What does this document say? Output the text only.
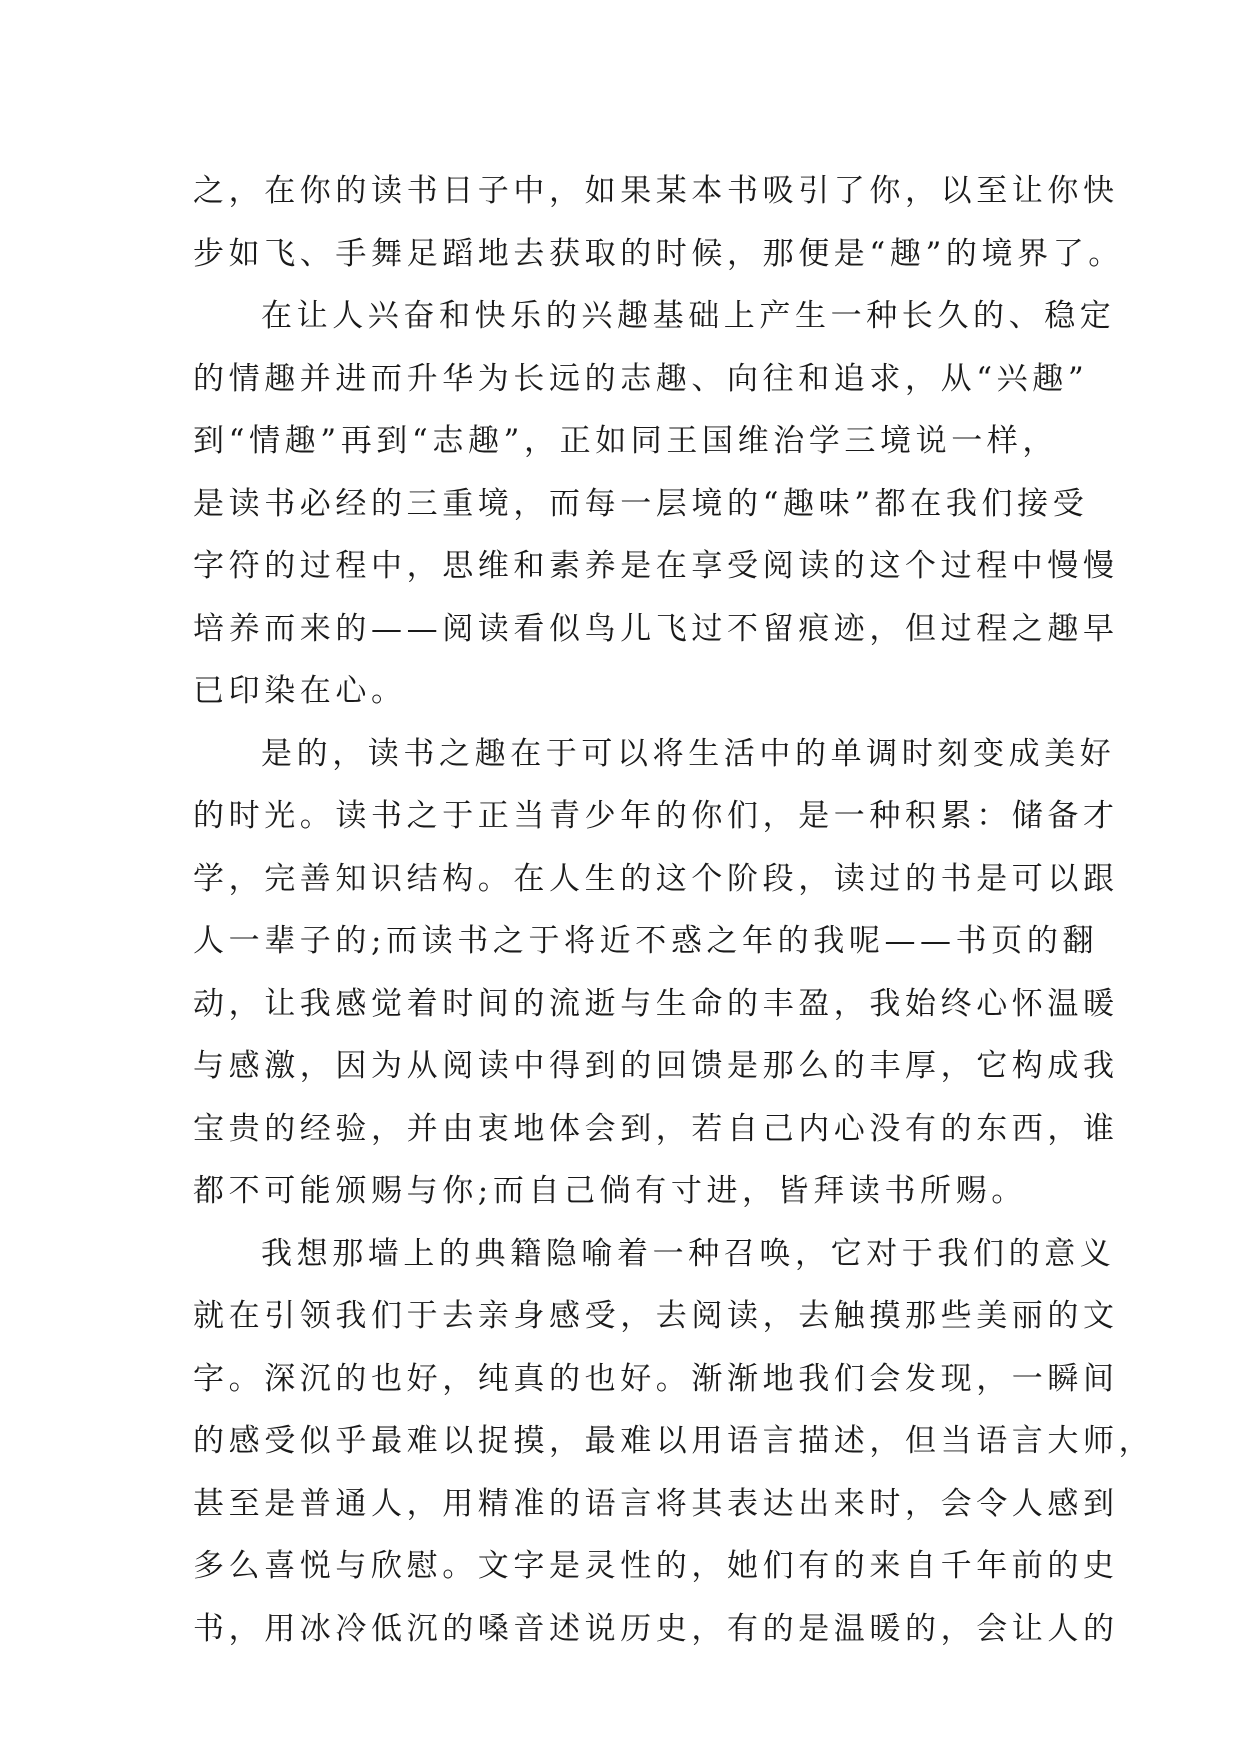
之，在你的读书日子中，如果某本书吸引了你，以至让你快
步如飞、手舞足蹈地去获取的时候，那便是“趣”的境界了。
在让人兴奋和快乐的兴趣基础上产生一种长久的、稳定
的情趣并进而升华为长远的志趣、向往和追求，从“兴趣”
到“情趣”再到“志趣”，正如同王国维治学三境说一样，
是读书必经的三重境，而每一层境的“趣味”都在我们接受
字符的过程中，思维和素养是在享受阅读的这个过程中慢慢
培养而来的——阅读看似鸟儿飞过不留痕迹，但过程之趣早
已印染在心。
是的，读书之趣在于可以将生活中的单调时刻变成美好
的时光。读书之于正当青少年的你们，是一种积累：储备才
学，完善知识结构。在人生的这个阶段，读过的书是可以跟
人一辈子的;而读书之于将近不惑之年的我呢——书页的翻
动，让我感觉着时间的流逝与生命的丰盈，我始终心怀温暖
与感激，因为从阅读中得到的回馈是那么的丰厚，它构成我
宝贵的经验，并由衷地体会到，若自己内心没有的东西，谁
都不可能颁赐与你;而自己倘有寸进，皆拜读书所赐。
我想那墙上的典籍隐喻着一种召唤，它对于我们的意义
就在引领我们于去亲身感受，去阅读，去触摸那些美丽的文
字。深沉的也好，纯真的也好。渐渐地我们会发现，一瞬间
的感受似乎最难以捉摸，最难以用语言描述，但当语言大师，
甚至是普通人，用精准的语言将其表达出来时，会令人感到
多么喜悦与欣慰。文字是灵性的，她们有的来自千年前的史
书，用冰冷低沉的嗓音述说历史，有的是温暖的，会让人的
